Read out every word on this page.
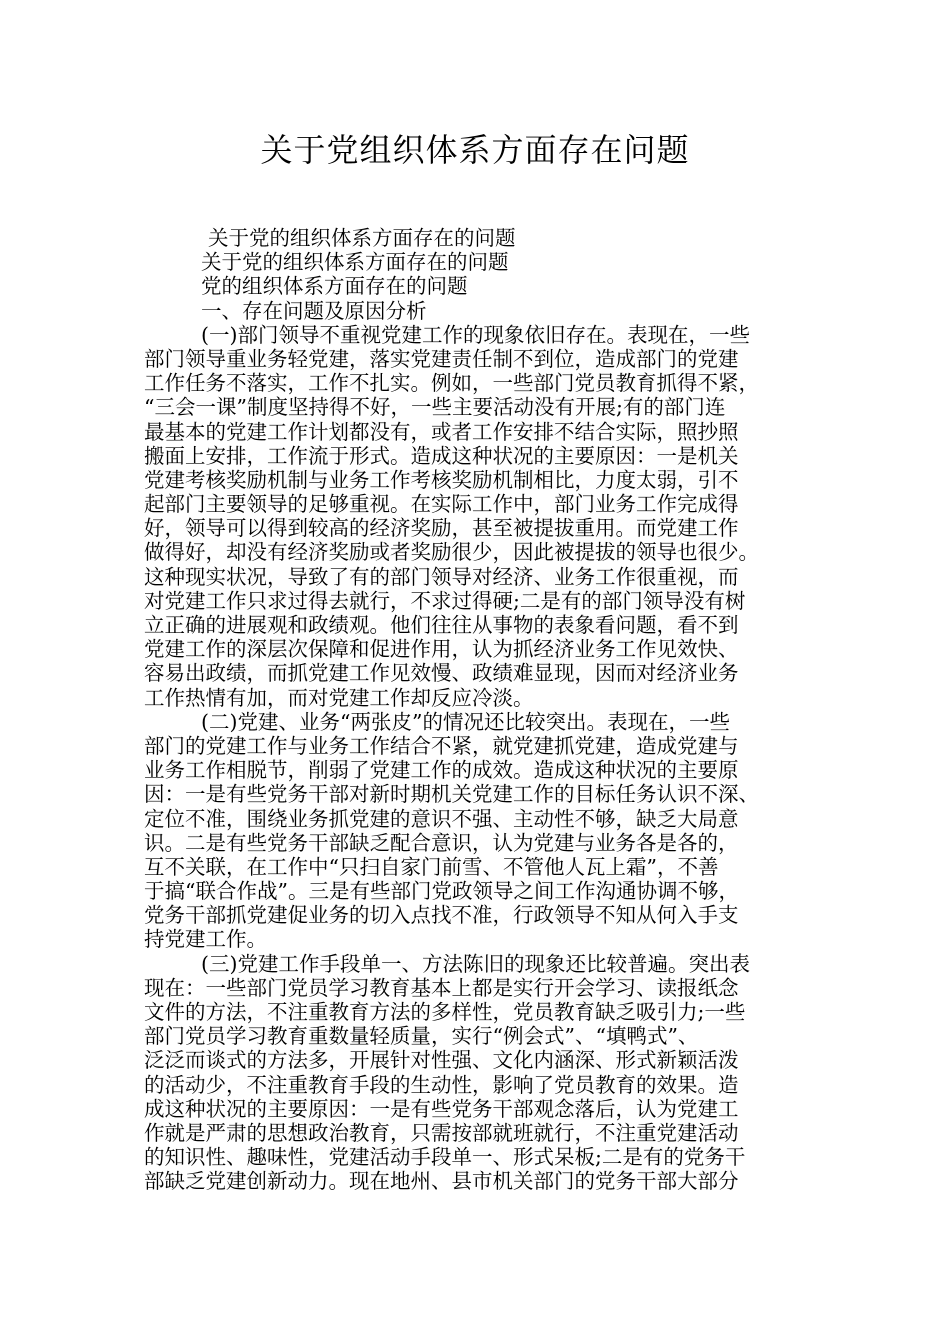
关于党组织体系方面存在问题

关于党的组织体系方面存在的问题

关于党的组织体系方面存在的问题

党的组织体系方面存在的问题

一、存在问题及原因分析

(一)部门领导不重视党建工作的现象依旧存在。表现在，一些

部门领导重业务轻党建，落实党建责任制不到位，造成部门的党建

工作任务不落实，工作不扎实。例如，一些部门党员教育抓得不紧，

“三会一课”制度坚持得不好，一些主要活动没有开展;有的部门连

最基本的党建工作计划都没有，或者工作安排不结合实际，照抄照

搬面上安排，工作流于形式。造成这种状况的主要原因：一是机关

党建考核奖励机制与业务工作考核奖励机制相比，力度太弱，引不

起部门主要领导的足够重视。在实际工作中，部门业务工作完成得

好，领导可以得到较高的经济奖励，甚至被提拔重用。而党建工作

做得好，却没有经济奖励或者奖励很少，因此被提拔的领导也很少。

这种现实状况，导致了有的部门领导对经济、业务工作很重视，而

对党建工作只求过得去就行，不求过得硬;二是有的部门领导没有树

立正确的进展观和政绩观。他们往往从事物的表象看问题，看不到

党建工作的深层次保障和促进作用，认为抓经济业务工作见效快、

容易出政绩，而抓党建工作见效慢、政绩难显现，因而对经济业务

工作热情有加，而对党建工作却反应冷淡。

(二)党建、业务“两张皮”的情况还比较突出。表现在，一些

部门的党建工作与业务工作结合不紧，就党建抓党建，造成党建与

业务工作相脱节，削弱了党建工作的成效。造成这种状况的主要原

因：一是有些党务干部对新时期机关党建工作的目标任务认识不深、

定位不准，围绕业务抓党建的意识不强、主动性不够，缺乏大局意

识。二是有些党务干部缺乏配合意识，认为党建与业务各是各的，

互不关联，在工作中“只扫自家门前雪、不管他人瓦上霜”，不善

于搞“联合作战”。三是有些部门党政领导之间工作沟通协调不够，

党务干部抓党建促业务的切入点找不准，行政领导不知从何入手支

持党建工作。

(三)党建工作手段单一、方法陈旧的现象还比较普遍。突出表

现在：一些部门党员学习教育基本上都是实行开会学习、读报纸念

文件的方法，不注重教育方法的多样性，党员教育缺乏吸引力;一些

部门党员学习教育重数量轻质量，实行“例会式”、“填鸭式”、

泛泛而谈式的方法多，开展针对性强、文化内涵深、形式新颖活泼

的活动少，不注重教育手段的生动性，影响了党员教育的效果。造

成这种状况的主要原因：一是有些党务干部观念落后，认为党建工

作就是严肃的思想政治教育，只需按部就班就行，不注重党建活动

的知识性、趣味性，党建活动手段单一、形式呆板;二是有的党务干

部缺乏党建创新动力。现在地州、县市机关部门的党务干部大部分
